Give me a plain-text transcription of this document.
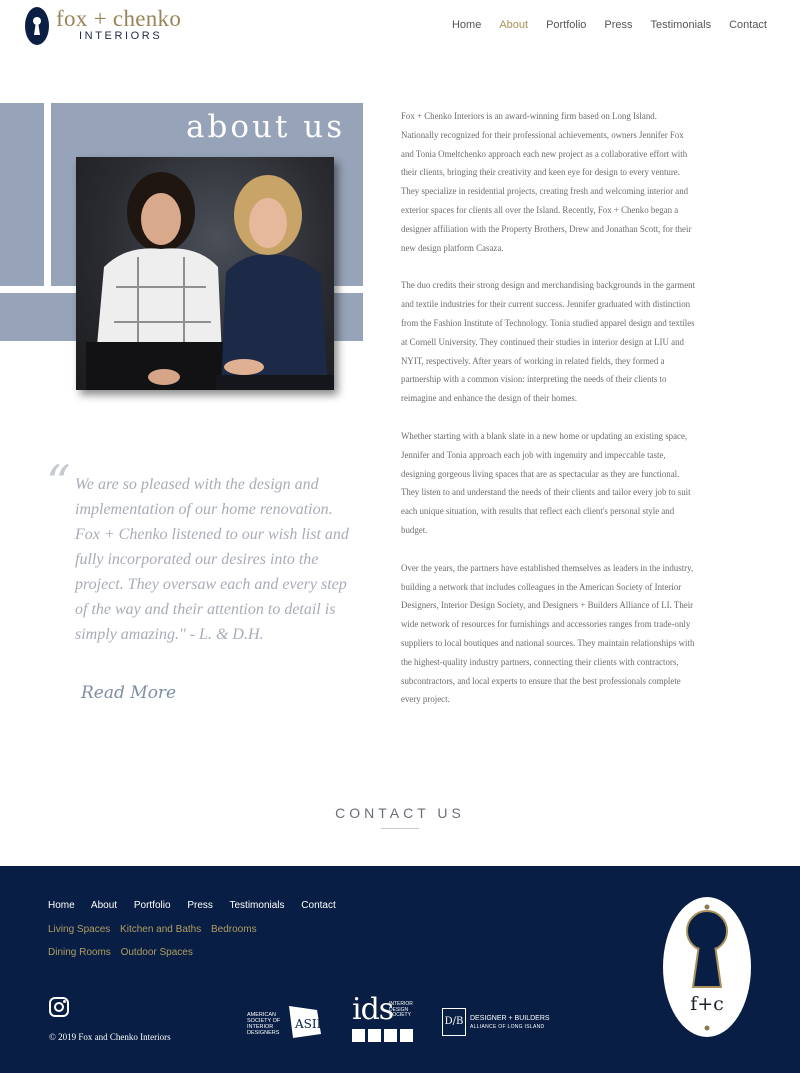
fox + chenko
INTERIORS
Home About Portfolio Press Testimonials Contact
about us	Fox + Chenko Interiors is an award-winning firm based on Long Island. Nationally recognized for their professional achievements, owners Jennifer Fox and Tonia Omeltchenko approach each new project as a collaborative effort with their clients, bringing their creativity and keen eye for design to every venture. They specialize in residential projects, creating fresh and welcoming interior and exterior spaces for clients all over the Island. Recently, Fox + Chenko began a designer affiliation with the Property Brothers, Drew and Jonathan Scott, for their new design platform Casaza.

The duo credits their strong design and merchandising backgrounds in the garment and textile industries for their current success. Jennifer graduated with distinction from the Fashion Institute of Technology. Tonia studied apparel design and textiles at Cornell University. They continued their studies in interior design at LIU and NYIT, respectively. After years of working in related fields, they formed a partnership with a common vision: interpreting the needs of their clients to reimagine and enhance the design of their homes.

Whether starting with a blank slate in a new home or updating an existing space, Jennifer and Tonia approach each job with ingenuity and impeccable taste, designing gorgeous living spaces that are as spectacular as they are functional. They listen to and understand the needs of their clients and tailor every job to suit each unique situation, with results that reflect each client's personal style and budget.

Over the years, the partners have established themselves as leaders in the industry, building a network that includes colleagues in the American Society of Interior Designers, Interior Design Society, and Designers + Builders Alliance of LI. Their wide network of resources for furnishings and accessories ranges from trade-only suppliers to local boutiques and national sources. They maintain relationships with the highest-quality industry partners, connecting their clients with contractors, subcontractors, and local experts to ensure that the best professionals complete every project.

“ We are so pleased with the design and implementation of our home renovation. Fox + Chenko listened to our wish list and fully incorporated our desires into the project. They oversaw each and every step of the way and their attention to detail is simply amazing." - L. & D.H.
Read More
CONTACT US
Home About Portfolio Press Testimonials Contact
Living Spaces Kitchen and Baths Bedrooms
Dining Rooms Outdoor Spaces
© 2019 Fox and Chenko Interiors
AMERICAN SOCIETY OF INTERIOR DESIGNERS
ASID ids
INTERIOR DESIGN SOCIETY
D/B DESIGNER + BUILDERS
ALLIANCE OF LONG ISLAND
f+c
